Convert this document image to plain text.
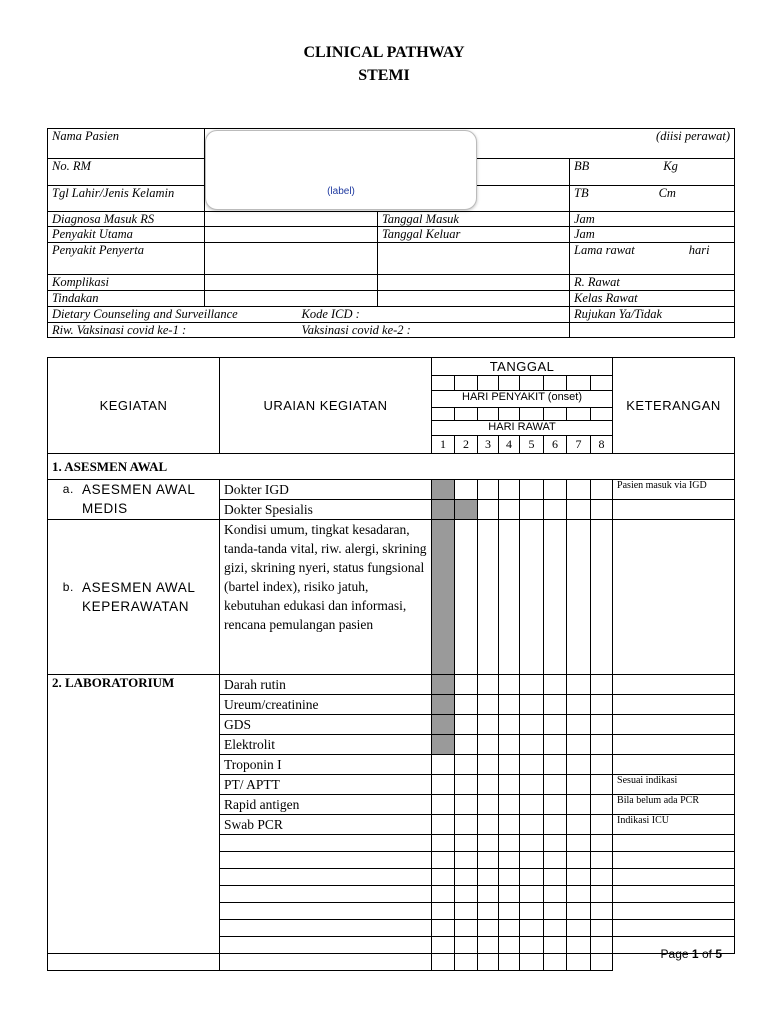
CLINICAL PATHWAY
STEMI
Nama Pasien	(diisi perawat)		
No. RM			BB Kg

Tgl Lahir/Jenis Kelamin			TB Cm

Diagnosa Masuk RS		Tanggal Masuk	Jam
Penyakit Utama		Tanggal Keluar	Jam
Penyakit Penyerta			Lama rawat hari

Komplikasi			R. Rawat
Tindakan			Kelas Rawat
Dietary Counseling and Surveillance Kode ICD :			Rujukan Ya/Tidak
Riw. Vaksinasi covid ke-1 : Vaksinasi covid ke-2 :			

(label)
KEGIATAN	URAIAN KEGIATAN	TANGGAL								KETERANGAN

		HARI PENYAKIT (onset)								

		HARI RAWAT								
		1	2	3	4	5	6	7	8	
1. ASESMEN AWAL										

a. ASESMEN AWAL MEDIS	Dokter IGD									Pasien masuk via IGD
	Dokter Spesialis									

b. ASESMEN AWAL KEPERAWATAN	Kondisi umum, tingkat kesadaran, tanda-tanda vital, riw. alergi, skrining gizi, skrining nyeri, status fungsional (bartel index), risiko jatuh, kebutuhan edukasi dan informasi, rencana pemulangan pasien									
2. LABORATORIUM	Darah rutin									
	Ureum/creatinine									
	GDS									
	Elektrolit									
	Troponin I									
	PT/ APTT									Sesuai indikasi
	Rapid antigen									Bila belum ada PCR
	Swab PCR									Indikasi ICU

Page 1 of 5
